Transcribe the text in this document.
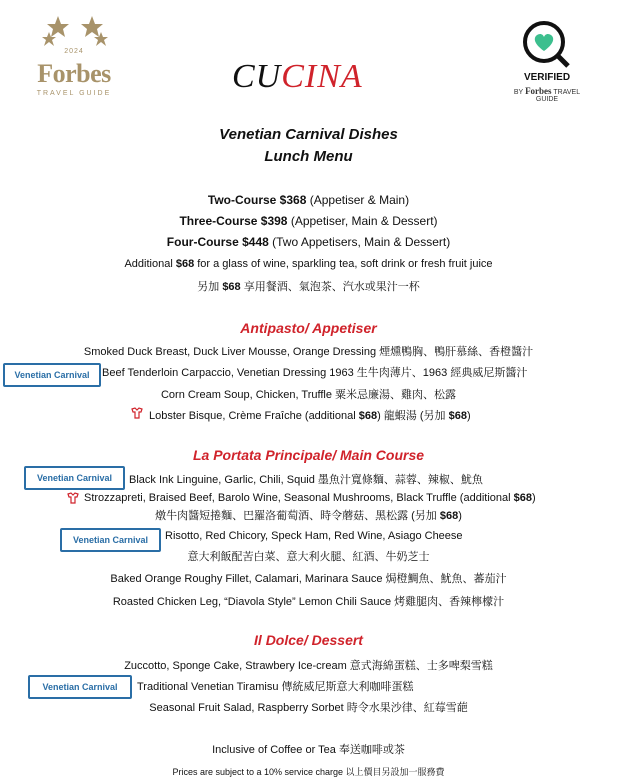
2024
Forbes
TRAVEL GUIDE	CUCINA	VERIFIED
BY Forbes TRAVEL GUIDE
Venetian Carnival Dishes
Lunch Menu
Two-Course $368 (Appetiser & Main)
Three-Course $398 (Appetiser, Main & Dessert)
Four-Course $448 (Two Appetisers, Main & Dessert)
Additional $68 for a glass of wine, sparkling tea, soft drink or fresh fruit juice
另加 $68 享用餐酒、氣泡茶、汽水或果汁一杯
Antipasto/ Appetiser
Smoked Duck Breast, Duck Liver Mousse, Orange Dressing 煙燻鴨胸、鴨肝慕絲、香橙醬汁
Venetian Carnival	Beef Tenderloin Carpaccio, Venetian Dressing 1963 生牛肉薄片、1963 經典威尼斯醬汁
Corn Cream Soup, Chicken, Truffle 粟米忌廉湯、雞肉、松露
Lobster Bisque, Crème Fraîche (additional $68) 龍蝦湯 (另加 $68)
La Portata Principale/ Main Course
Venetian Carnival	Black Ink Linguine, Garlic, Chili, Squid 墨魚汁寬條麵、蒜蓉、辣椒、魷魚
Strozzapreti, Braised Beef, Barolo Wine, Seasonal Mushrooms, Black Truffle (additional $68)
燉牛肉醬短捲麵、巴羅洛葡萄酒、時令蘑菇、黑松露 (另加 $68)
Venetian Carnival	Risotto, Red Chicory, Speck Ham, Red Wine, Asiago Cheese
意大利飯配苦白菜、意大利火腿、紅酒、牛奶芝士
Baked Orange Roughy Fillet, Calamari, Marinara Sauce 焗橙鯛魚、魷魚、蕃茄汁
Roasted Chicken Leg, “Diavola Style” Lemon Chili Sauce 烤雞腿肉、香辣檸檬汁
Il Dolce/ Dessert
Zuccotto, Sponge Cake, Strawbery Ice-cream 意式海綿蛋糕、士多啤梨雪糕
Venetian Carnival	Traditional Venetian Tiramisu 傳統威尼斯意大利咖啡蛋糕
Seasonal Fruit Salad, Raspberry Sorbet 時令水果沙律、紅莓雪葩
Inclusive of Coffee or Tea 奉送咖啡或茶
Prices are subject to a 10% service charge 以上價目另設加一服務費
